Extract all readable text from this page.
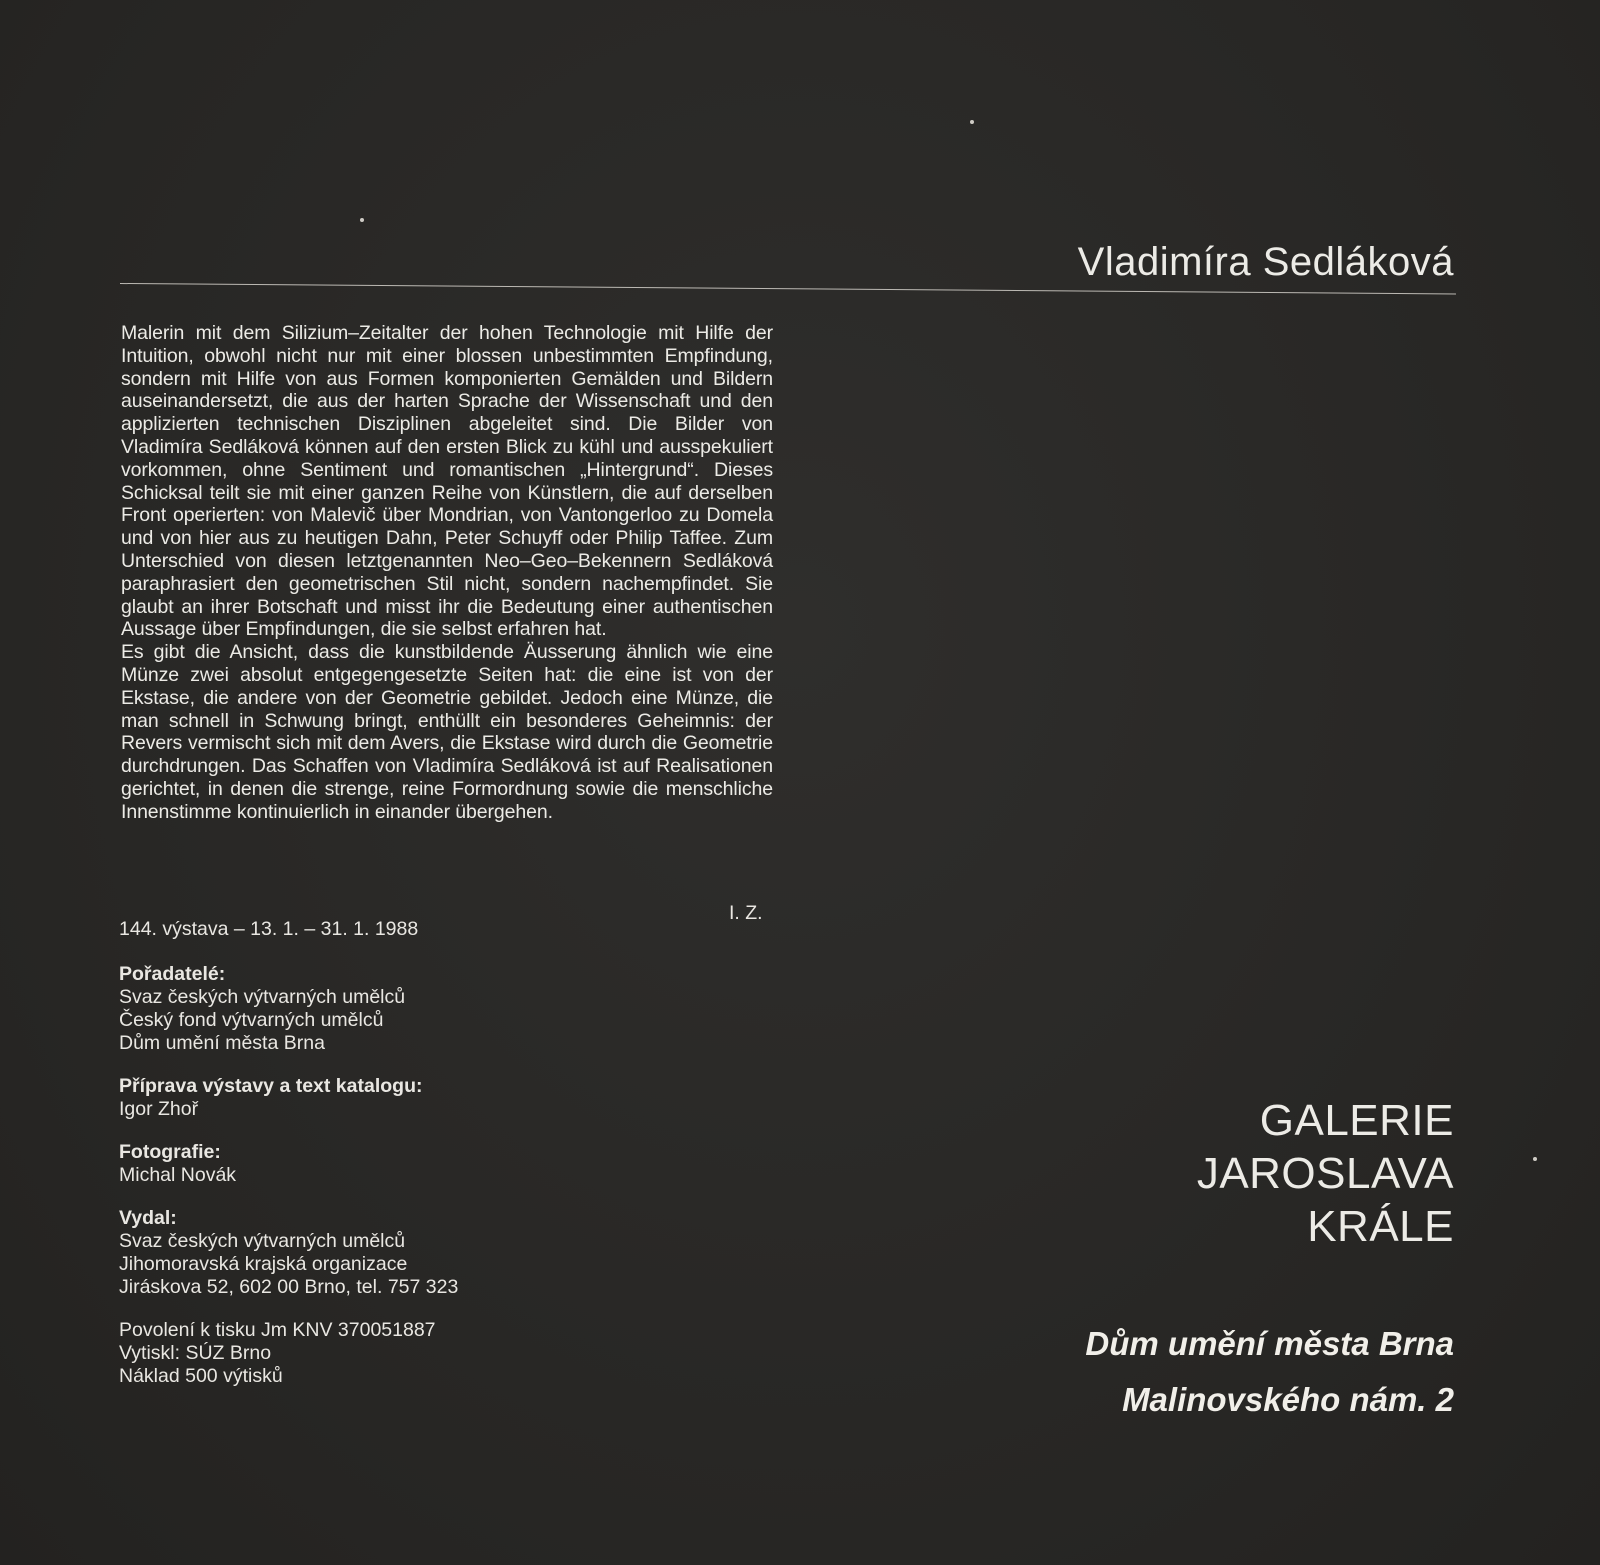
Vladimíra Sedláková
Malerin mit dem Silizium–Zeitalter der hohen Technologie mit Hilfe der Intuition, obwohl nicht nur mit einer blossen unbestimmten Empfindung, sondern mit Hilfe von aus Formen komponierten Gemälden und Bildern auseinandersetzt, die aus der harten Sprache der Wissenschaft und den applizierten technischen Disziplinen abgeleitet sind. Die Bilder von Vladimíra Sedláková können auf den ersten Blick zu kühl und ausspekuliert vorkommen, ohne Sentiment und romantischen „Hintergrund“. Dieses Schicksal teilt sie mit einer ganzen Reihe von Künstlern, die auf derselben Front operierten: von Malevič über Mondrian, von Vantongerloo zu Domela und von hier aus zu heutigen Dahn, Peter Schuyff oder Philip Taffee. Zum Unterschied von diesen letztgenannten Neo–Geo–Bekennern Sedláková paraphrasiert den geometrischen Stil nicht, sondern nachempfindet. Sie glaubt an ihrer Botschaft und misst ihr die Bedeutung einer authentischen Aussage über Empfindungen, die sie selbst erfahren hat.
Es gibt die Ansicht, dass die kunstbildende Äusserung ähnlich wie eine Münze zwei absolut entgegengesetzte Seiten hat: die eine ist von der Ekstase, die andere von der Geometrie gebildet. Jedoch eine Münze, die man schnell in Schwung bringt, enthüllt ein besonderes Geheimnis: der Revers vermischt sich mit dem Avers, die Ekstase wird durch die Geometrie durchdrungen. Das Schaffen von Vladimíra Sedláková ist auf Realisationen gerichtet, in denen die strenge, reine Formordnung sowie die menschliche Innenstimme kontinuierlich in einander übergehen.
I. Z.
144. výstava – 13. 1. – 31. 1. 1988
Pořadatelé:
Svaz českých výtvarných umělců
Český fond výtvarných umělců
Dům umění města Brna
Příprava výstavy a text katalogu:
Igor Zhoř
Fotografie:
Michal Novák
Vydal:
Svaz českých výtvarných umělců
Jihomoravská krajská organizace
Jiráskova 52, 602 00 Brno, tel. 757 323
Povolení k tisku Jm KNV 370051887
Vytiskl: SÚZ Brno
Náklad 500 výtisků
GALERIE
JAROSLAVA
KRÁLE
Dům umění města Brna
Malinovského nám. 2
